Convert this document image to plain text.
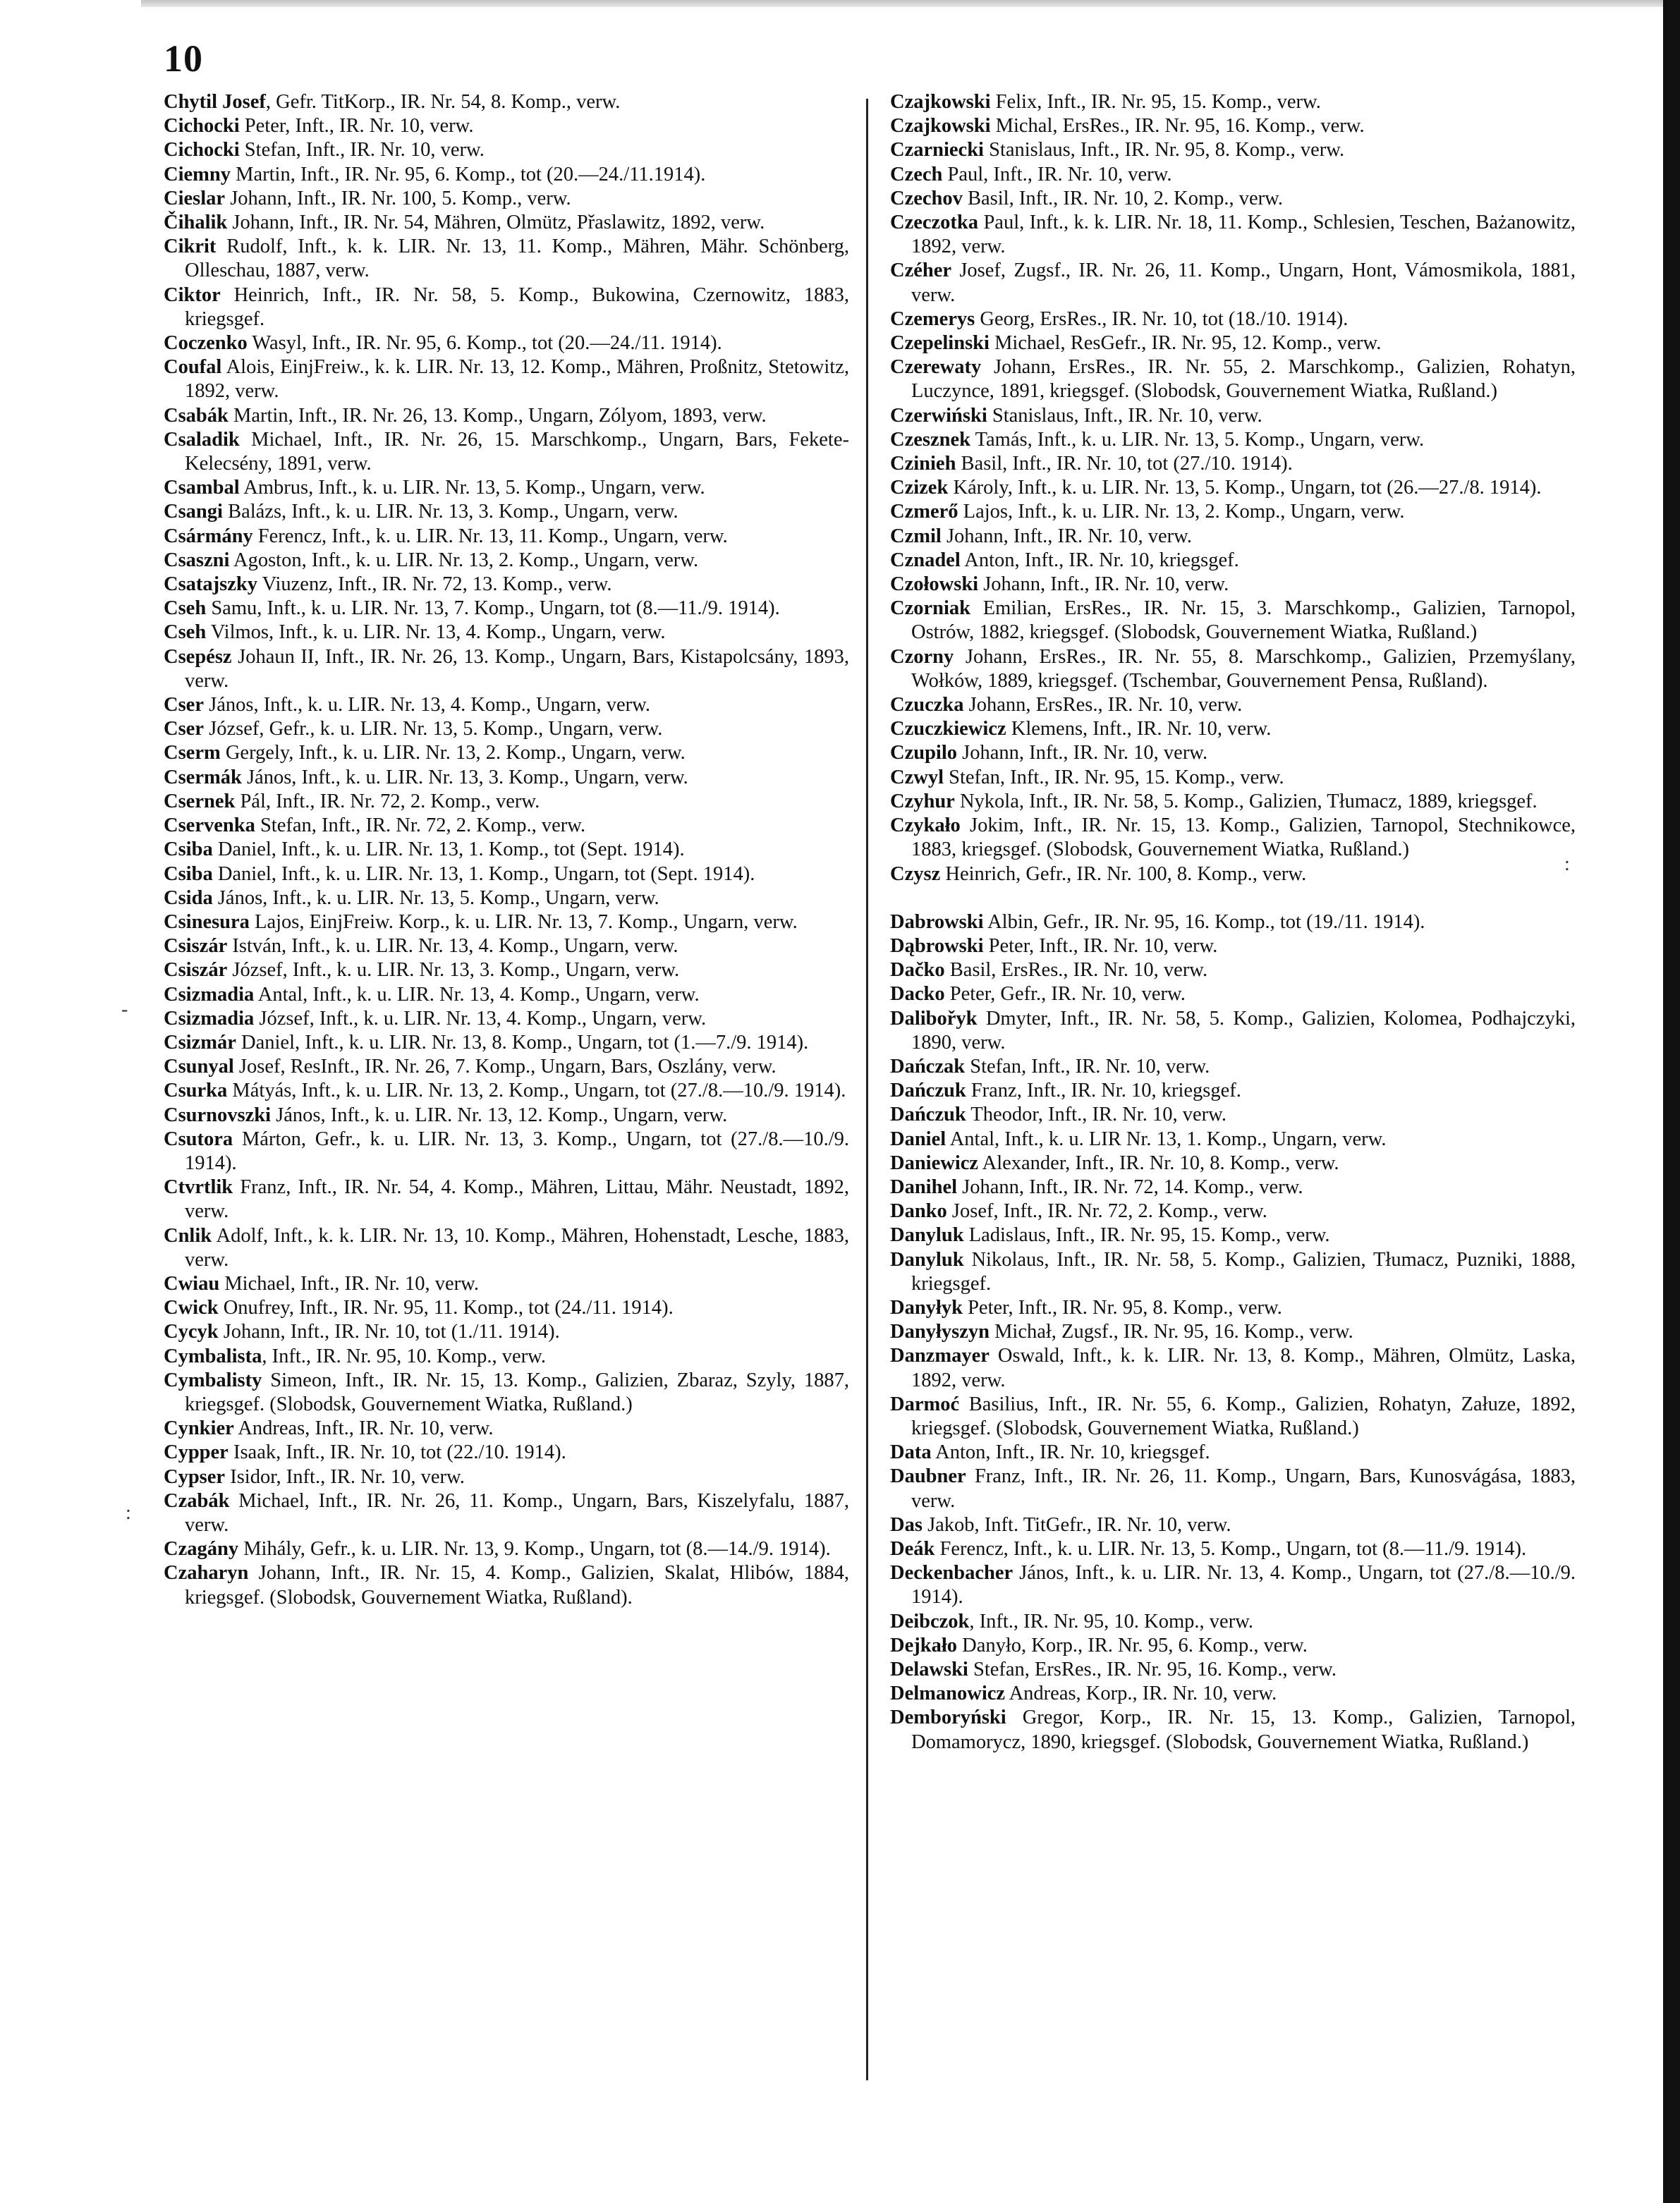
10

Chytil Josef, Gefr. TitKorp., IR. Nr. 54, 8. Komp., verw.

Cichocki Peter, Inft., IR. Nr. 10, verw.

Cichocki Stefan, Inft., IR. Nr. 10, verw.

Ciemny Martin, Inft., IR. Nr. 95, 6. Komp., tot (20.—24./11.1914).

Cieslar Johann, Inft., IR. Nr. 100, 5. Komp., verw.

Čihalik Johann, Inft., IR. Nr. 54, Mähren, Olmütz, Přaslawitz, 1892, verw.

Cikrit Rudolf, Inft., k. k. LIR. Nr. 13, 11. Komp., Mähren, Mähr. Schönberg, Olleschau, 1887, verw.

Ciktor Heinrich, Inft., IR. Nr. 58, 5. Komp., Bukowina, Czernowitz, 1883, kriegsgef.

Coczenko Wasyl, Inft., IR. Nr. 95, 6. Komp., tot (20.—24./11. 1914).

Coufal Alois, EinjFreiw., k. k. LIR. Nr. 13, 12. Komp., Mähren, Proßnitz, Stetowitz, 1892, verw.

Csabák Martin, Inft., IR. Nr. 26, 13. Komp., Ungarn, Zólyom, 1893, verw.

Csaladik Michael, Inft., IR. Nr. 26, 15. Marschkomp., Ungarn, Bars, Fekete-Kelecsény, 1891, verw.

Csambal Ambrus, Inft., k. u. LIR. Nr. 13, 5. Komp., Ungarn, verw.

Csangi Balázs, Inft., k. u. LIR. Nr. 13, 3. Komp., Ungarn, verw.

Csármány Ferencz, Inft., k. u. LIR. Nr. 13, 11. Komp., Ungarn, verw.

Csaszni Agoston, Inft., k. u. LIR. Nr. 13, 2. Komp., Ungarn, verw.

Csatajszky Viuzenz, Inft., IR. Nr. 72, 13. Komp., verw.

Cseh Samu, Inft., k. u. LIR. Nr. 13, 7. Komp., Ungarn, tot (8.—11./9. 1914).

Cseh Vilmos, Inft., k. u. LIR. Nr. 13, 4. Komp., Ungarn, verw.

Csepész Johaun II, Inft., IR. Nr. 26, 13. Komp., Ungarn, Bars, Kistapolcsány, 1893, verw.

Cser János, Inft., k. u. LIR. Nr. 13, 4. Komp., Ungarn, verw.

Cser József, Gefr., k. u. LIR. Nr. 13, 5. Komp., Ungarn, verw.

Cserm Gergely, Inft., k. u. LIR. Nr. 13, 2. Komp., Ungarn, verw.

Csermák János, Inft., k. u. LIR. Nr. 13, 3. Komp., Ungarn, verw.

Csernek Pál, Inft., IR. Nr. 72, 2. Komp., verw.

Cservenka Stefan, Inft., IR. Nr. 72, 2. Komp., verw.

Csiba Daniel, Inft., k. u. LIR. Nr. 13, 1. Komp., tot (Sept. 1914).

Csiba Daniel, Inft., k. u. LIR. Nr. 13, 1. Komp., Ungarn, tot (Sept. 1914).

Csida János, Inft., k. u. LIR. Nr. 13, 5. Komp., Ungarn, verw.

Csinesura Lajos, EinjFreiw. Korp., k. u. LIR. Nr. 13, 7. Komp., Ungarn, verw.

Csiszár István, Inft., k. u. LIR. Nr. 13, 4. Komp., Ungarn, verw.

Csiszár József, Inft., k. u. LIR. Nr. 13, 3. Komp., Ungarn, verw.

Csizmadia Antal, Inft., k. u. LIR. Nr. 13, 4. Komp., Ungarn, verw.

Csizmadia József, Inft., k. u. LIR. Nr. 13, 4. Komp., Ungarn, verw.

Csizmár Daniel, Inft., k. u. LIR. Nr. 13, 8. Komp., Ungarn, tot (1.—7./9. 1914).

Csunyal Josef, ResInft., IR. Nr. 26, 7. Komp., Ungarn, Bars, Oszlány, verw.

Csurka Mátyás, Inft., k. u. LIR. Nr. 13, 2. Komp., Ungarn, tot (27./8.—10./9. 1914).

Csurnovszki János, Inft., k. u. LIR. Nr. 13, 12. Komp., Ungarn, verw.

Csutora Márton, Gefr., k. u. LIR. Nr. 13, 3. Komp., Ungarn, tot (27./8.—10./9. 1914).

Ctvrtlik Franz, Inft., IR. Nr. 54, 4. Komp., Mähren, Littau, Mähr. Neustadt, 1892, verw.

Cnlik Adolf, Inft., k. k. LIR. Nr. 13, 10. Komp., Mähren, Hohenstadt, Lesche, 1883, verw.

Cwiau Michael, Inft., IR. Nr. 10, verw.

Cwick Onufrey, Inft., IR. Nr. 95, 11. Komp., tot (24./11. 1914).

Cycyk Johann, Inft., IR. Nr. 10, tot (1./11. 1914).

Cymbalista, Inft., IR. Nr. 95, 10. Komp., verw.

Cymbalisty Simeon, Inft., IR. Nr. 15, 13. Komp., Galizien, Zbaraz, Szyly, 1887, kriegsgef. (Slobodsk, Gouvernement Wiatka, Rußland.)

Cynkier Andreas, Inft., IR. Nr. 10, verw.

Cypper Isaak, Inft., IR. Nr. 10, tot (22./10. 1914).

Cypser Isidor, Inft., IR. Nr. 10, verw.

Czabák Michael, Inft., IR. Nr. 26, 11. Komp., Ungarn, Bars, Kiszelyfalu, 1887, verw.

Czagány Mihály, Gefr., k. u. LIR. Nr. 13, 9. Komp., Ungarn, tot (8.—14./9. 1914).

Czaharyn Johann, Inft., IR. Nr. 15, 4. Komp., Galizien, Skalat, Hlibów, 1884, kriegsgef. (Slobodsk, Gouvernement Wiatka, Rußland).

Czajkowski Felix, Inft., IR. Nr. 95, 15. Komp., verw.

Czajkowski Michal, ErsRes., IR. Nr. 95, 16. Komp., verw.

Czarniecki Stanislaus, Inft., IR. Nr. 95, 8. Komp., verw.

Czech Paul, Inft., IR. Nr. 10, verw.

Czechov Basil, Inft., IR. Nr. 10, 2. Komp., verw.

Czeczotka Paul, Inft., k. k. LIR. Nr. 18, 11. Komp., Schlesien, Teschen, Bażanowitz, 1892, verw.

Czéher Josef, Zugsf., IR. Nr. 26, 11. Komp., Ungarn, Hont, Vámosmikola, 1881, verw.

Czemerys Georg, ErsRes., IR. Nr. 10, tot (18./10. 1914).

Czepelinski Michael, ResGefr., IR. Nr. 95, 12. Komp., verw.

Czerewaty Johann, ErsRes., IR. Nr. 55, 2. Marschkomp., Galizien, Rohatyn, Luczynce, 1891, kriegsgef. (Slobodsk, Gouvernement Wiatka, Rußland.)

Czerwiński Stanislaus, Inft., IR. Nr. 10, verw.

Czesznek Tamás, Inft., k. u. LIR. Nr. 13, 5. Komp., Ungarn, verw.

Czinieh Basil, Inft., IR. Nr. 10, tot (27./10. 1914).

Czizek Károly, Inft., k. u. LIR. Nr. 13, 5. Komp., Ungarn, tot (26.—27./8. 1914).

Czmerő Lajos, Inft., k. u. LIR. Nr. 13, 2. Komp., Ungarn, verw.

Czmil Johann, Inft., IR. Nr. 10, verw.

Cznadel Anton, Inft., IR. Nr. 10, kriegsgef.

Czołowski Johann, Inft., IR. Nr. 10, verw.

Czorniak Emilian, ErsRes., IR. Nr. 15, 3. Marschkomp., Galizien, Tarnopol, Ostrów, 1882, kriegsgef. (Slobodsk, Gouvernement Wiatka, Rußland.)

Czorny Johann, ErsRes., IR. Nr. 55, 8. Marschkomp., Galizien, Przemyślany, Wołków, 1889, kriegsgef. (Tschembar, Gouvernement Pensa, Rußland).

Czuczka Johann, ErsRes., IR. Nr. 10, verw.

Czuczkiewicz Klemens, Inft., IR. Nr. 10, verw.

Czupilo Johann, Inft., IR. Nr. 10, verw.

Czwyl Stefan, Inft., IR. Nr. 95, 15. Komp., verw.

Czyhur Nykola, Inft., IR. Nr. 58, 5. Komp., Galizien, Tłumacz, 1889, kriegsgef.

Czykało Jokim, Inft., IR. Nr. 15, 13. Komp., Galizien, Tarnopol, Stechnikowce, 1883, kriegsgef. (Slobodsk, Gouvernement Wiatka, Rußland.)

Czysz Heinrich, Gefr., IR. Nr. 100, 8. Komp., verw.

Dabrowski Albin, Gefr., IR. Nr. 95, 16. Komp., tot (19./11. 1914).

Dąbrowski Peter, Inft., IR. Nr. 10, verw.

Dačko Basil, ErsRes., IR. Nr. 10, verw.

Dacko Peter, Gefr., IR. Nr. 10, verw.

Dalibořyk Dmyter, Inft., IR. Nr. 58, 5. Komp., Galizien, Kolomea, Podhajczyki, 1890, verw.

Dańczak Stefan, Inft., IR. Nr. 10, verw.

Dańczuk Franz, Inft., IR. Nr. 10, kriegsgef.

Dańczuk Theodor, Inft., IR. Nr. 10, verw.

Daniel Antal, Inft., k. u. LIR Nr. 13, 1. Komp., Ungarn, verw.

Daniewicz Alexander, Inft., IR. Nr. 10, 8. Komp., verw.

Danihel Johann, Inft., IR. Nr. 72, 14. Komp., verw.

Danko Josef, Inft., IR. Nr. 72, 2. Komp., verw.

Danyluk Ladislaus, Inft., IR. Nr. 95, 15. Komp., verw.

Danyluk Nikolaus, Inft., IR. Nr. 58, 5. Komp., Galizien, Tłumacz, Puzniki, 1888, kriegsgef.

Danyłyk Peter, Inft., IR. Nr. 95, 8. Komp., verw.

Danyłyszyn Michał, Zugsf., IR. Nr. 95, 16. Komp., verw.

Danzmayer Oswald, Inft., k. k. LIR. Nr. 13, 8. Komp., Mähren, Olmütz, Laska, 1892, verw.

Darmoć Basilius, Inft., IR. Nr. 55, 6. Komp., Galizien, Rohatyn, Załuze, 1892, kriegsgef. (Slobodsk, Gouvernement Wiatka, Rußland.)

Data Anton, Inft., IR. Nr. 10, kriegsgef.

Daubner Franz, Inft., IR. Nr. 26, 11. Komp., Ungarn, Bars, Kunosvágása, 1883, verw.

Das Jakob, Inft. TitGefr., IR. Nr. 10, verw.

Deák Ferencz, Inft., k. u. LIR. Nr. 13, 5. Komp., Ungarn, tot (8.—11./9. 1914).

Deckenbacher János, Inft., k. u. LIR. Nr. 13, 4. Komp., Ungarn, tot (27./8.—10./9. 1914).

Deibczok, Inft., IR. Nr. 95, 10. Komp., verw.

Dejkało Danyło, Korp., IR. Nr. 95, 6. Komp., verw.

Delawski Stefan, ErsRes., IR. Nr. 95, 16. Komp., verw.

Delmanowicz Andreas, Korp., IR. Nr. 10, verw.

Demboryński Gregor, Korp., IR. Nr. 15, 13. Komp., Galizien, Tarnopol, Domamorycz, 1890, kriegsgef. (Slobodsk, Gouvernement Wiatka, Rußland.)

-
:
:
